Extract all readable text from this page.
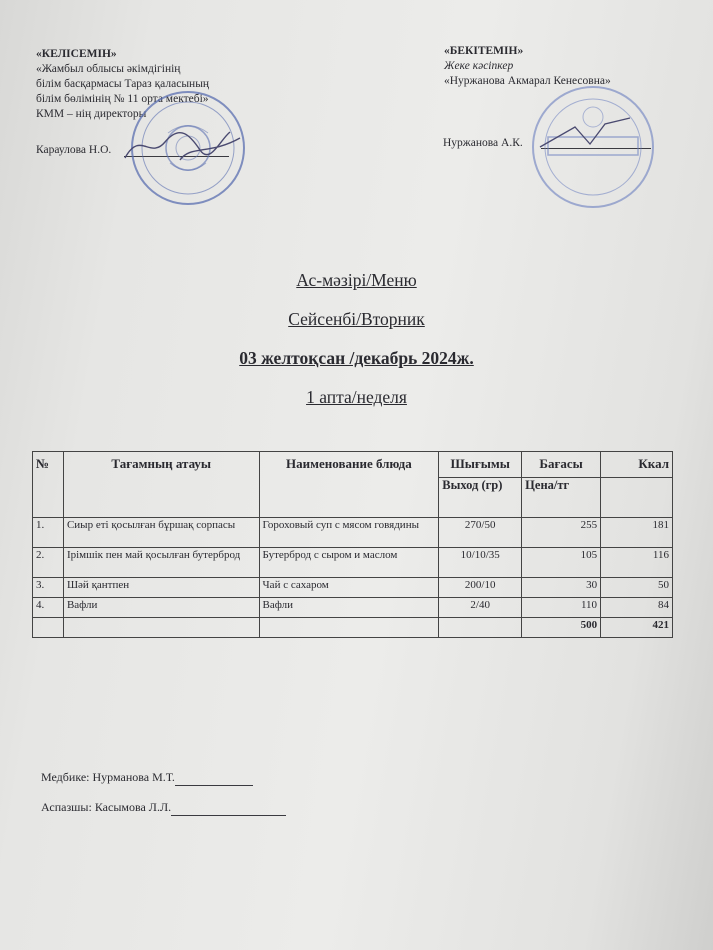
«КЕЛІСЕМІН»
«Жамбыл облысы әкімдігінің
білім басқармасы Тараз қаласының
білім бөлімінің № 11 орта мектебі»
КММ – нің директоры
Караулова Н.О.
«БЕКІТЕМІН»
Жеке кәсіпкер
«Нуржанова Акмарал Кенесовна»
Нуржанова А.К.
Ас-мәзірі/Меню
Сейсенбі/Вторник
03 желтоқсан /декабрь 2024ж.
1 апта/неделя
№	Тағамның атауы	Наименование блюда	Шығымы	Бағасы	Ккал
			Выход (гр)	Цена/тг	
1.	Сиыр еті қосылған бұршақ сорпасы	Гороховый суп с мясом говядины	270/50	255	181
2.	Ірімшік пен май қосылған бутерброд	Бутерброд с сыром и маслом	10/10/35	105	116
3.	Шәй қантпен	Чай с сахаром	200/10	30	50
4.	Вафли	Вафли	2/40	110	84
				500	421
Медбике: Нурманова М.Т.
Аспазшы: Касымова Л.Л.
